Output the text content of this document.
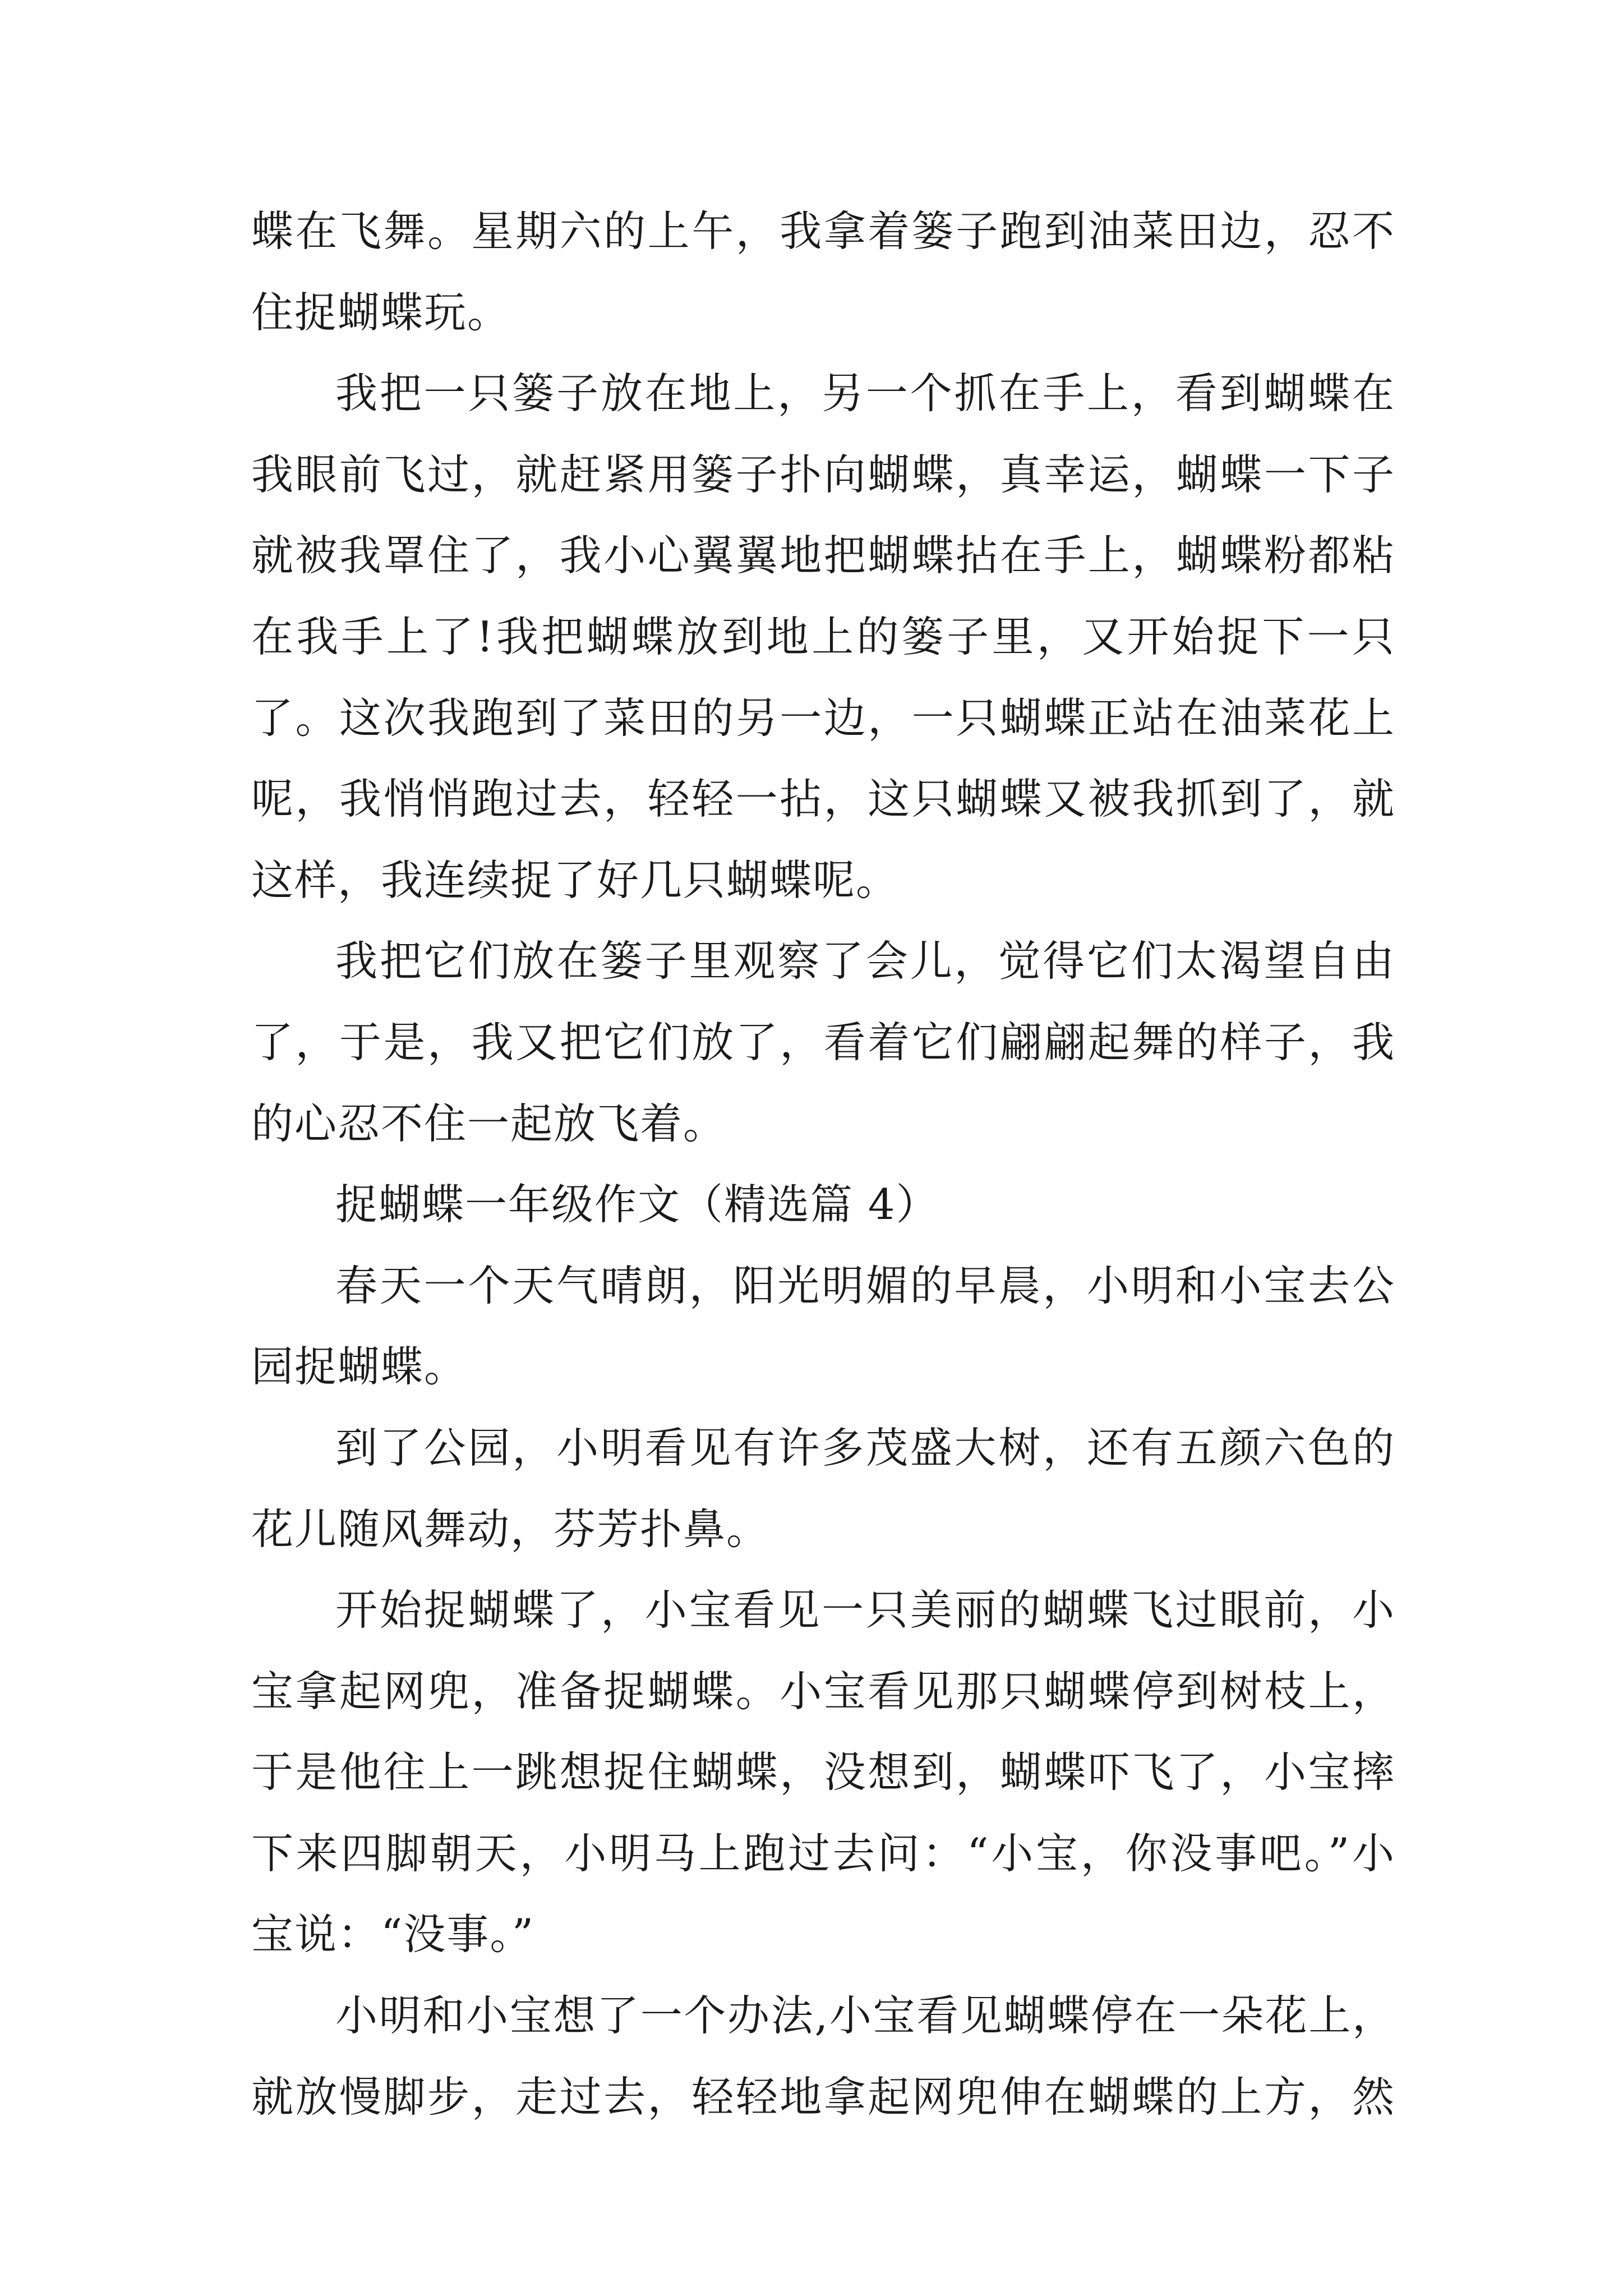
蝶在飞舞。星期六的上午，我拿着篓子跑到油菜田边，忍不
住捉蝴蝶玩。
我把一只篓子放在地上，另一个抓在手上，看到蝴蝶在
我眼前飞过，就赶紧用篓子扑向蝴蝶，真幸运，蝴蝶一下子
就被我罩住了，我小心翼翼地把蝴蝶拈在手上，蝴蝶粉都粘
在我手上了!我把蝴蝶放到地上的篓子里，又开始捉下一只
了。这次我跑到了菜田的另一边，一只蝴蝶正站在油菜花上
呢，我悄悄跑过去，轻轻一拈，这只蝴蝶又被我抓到了，就
这样，我连续捉了好几只蝴蝶呢。
我把它们放在篓子里观察了会儿，觉得它们太渴望自由
了，于是，我又把它们放了，看着它们翩翩起舞的样子，我
的心忍不住一起放飞着。
捉蝴蝶一年级作文（精选篇 4）
春天一个天气晴朗，阳光明媚的早晨，小明和小宝去公
园捉蝴蝶。
到了公园，小明看见有许多茂盛大树，还有五颜六色的
花儿随风舞动，芬芳扑鼻。
开始捉蝴蝶了，小宝看见一只美丽的蝴蝶飞过眼前，小
宝拿起网兜，准备捉蝴蝶。小宝看见那只蝴蝶停到树枝上，
于是他往上一跳想捉住蝴蝶，没想到，蝴蝶吓飞了，小宝摔
下来四脚朝天，小明马上跑过去问：“小宝，你没事吧。”小
宝说：“没事。”
小明和小宝想了一个办法,小宝看见蝴蝶停在一朵花上，
就放慢脚步，走过去，轻轻地拿起网兜伸在蝴蝶的上方，然
